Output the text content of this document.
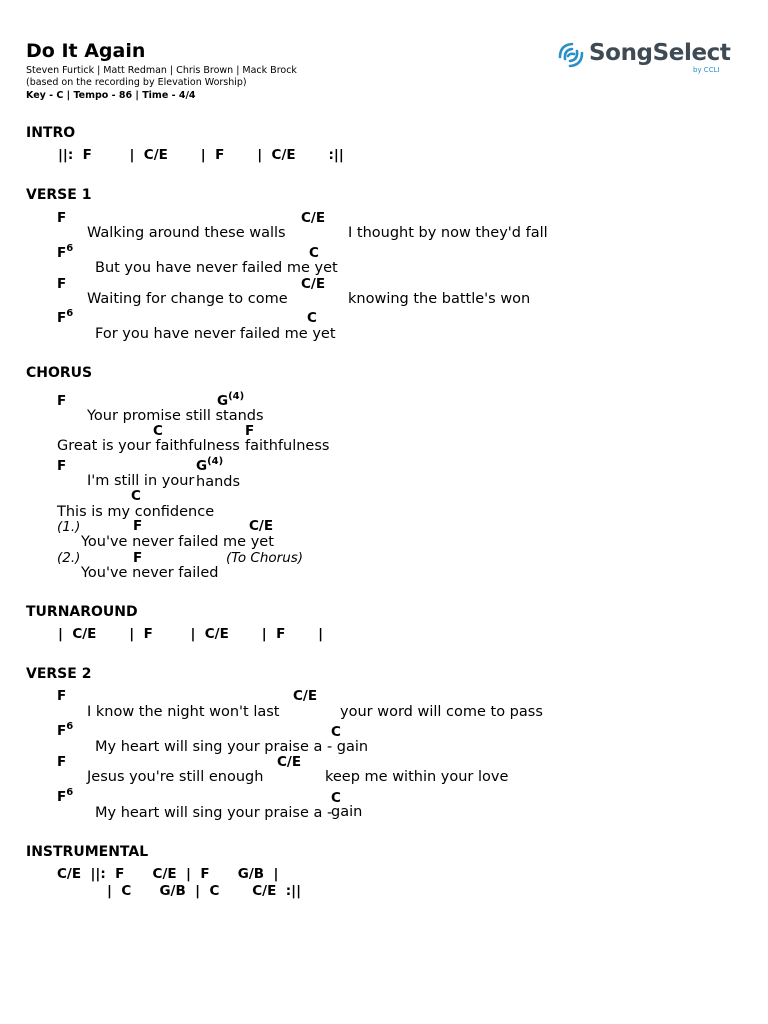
Do It Again
Steven Furtick | Matt Redman | Chris Brown | Mack Brock
(based on the recording by Elevation Worship)
Key - C | Tempo - 86 | Time - 4/4
SongSelect
by CCLI
INTRO
||:  F        |  C/E       |  F       |  C/E       :||
VERSE 1
F	C/E
Walking around these walls	I thought by now they'd fall
$F^6$	C
But you have never failed me yet
F	C/E
Waiting for change to come	knowing the battle's won
$F^6$	C
For you have never failed me yet
CHORUS
F	$G^{(4)}$
Your promise still stands
C	F
Great is your faithfulness faithfulness
F	$G^{(4)}$
I'm still in your hands
C
This is my confidence
(1.)	F	C/E
You've never failed me yet
(2.)	F	(To Chorus)
You've never failed
TURNAROUND
|  C/E       |  F        |  C/E       |  F       |
VERSE 2
F	C/E
I know the night won't last	your word will come to pass
$F^6$	C
My heart will sing your praise a - gain
F	C/E
Jesus you're still enough	keep me within your love
$F^6$	C
My heart will sing your praise a -
gain
INSTRUMENTAL
C/E  ||:  F      C/E  |  F      G/B  |
|  C      G/B  |  C       C/E  :||
